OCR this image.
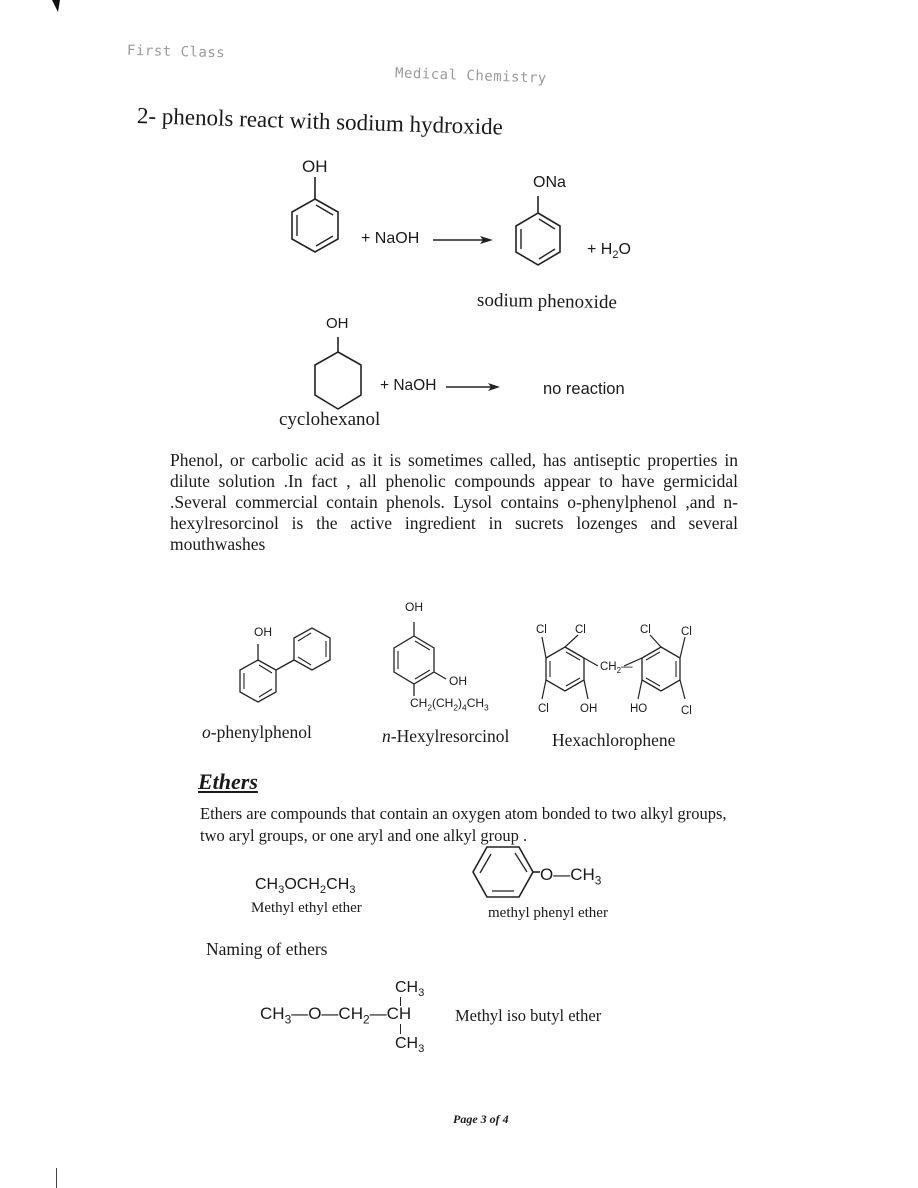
First Class
Medical Chemistry
2- phenols react with sodium hydroxide
OH
+ NaOH
ONa
+ $H_2O$
sodium phenoxide
OH
+ NaOH	no reaction
cyclohexanol
Phenol, or carbolic acid as it is sometimes called, has antiseptic properties in dilute solution .In fact , all phenolic compounds appear to have germicidal .Several commercial contain phenols. Lysol contains o-phenylphenol ,and n-hexylresorcinol is the active ingredient in sucrets lozenges and several mouthwashes
OH
o-phenylphenol
OH
OH
$CH_2(CH_2)_4CH_3$
n-Hexylresorcinol
Cl Cl	Cl	Cl
Cl	Cl
$CH_2—$
OH	HO
Hexachlorophene
Ethers
Ethers are compounds that contain an oxygen atom bonded to two alkyl groups, two aryl groups, or one aryl and one alkyl group .
$CH_3OCH_2CH_3$
Methyl ethyl ether
$O—CH_3$
methyl phenyl ether
Naming of ethers
$CH_3$
$CH_3—O—CH_2—CH$
$CH_3$
Methyl iso butyl ether
Page 3 of 4
